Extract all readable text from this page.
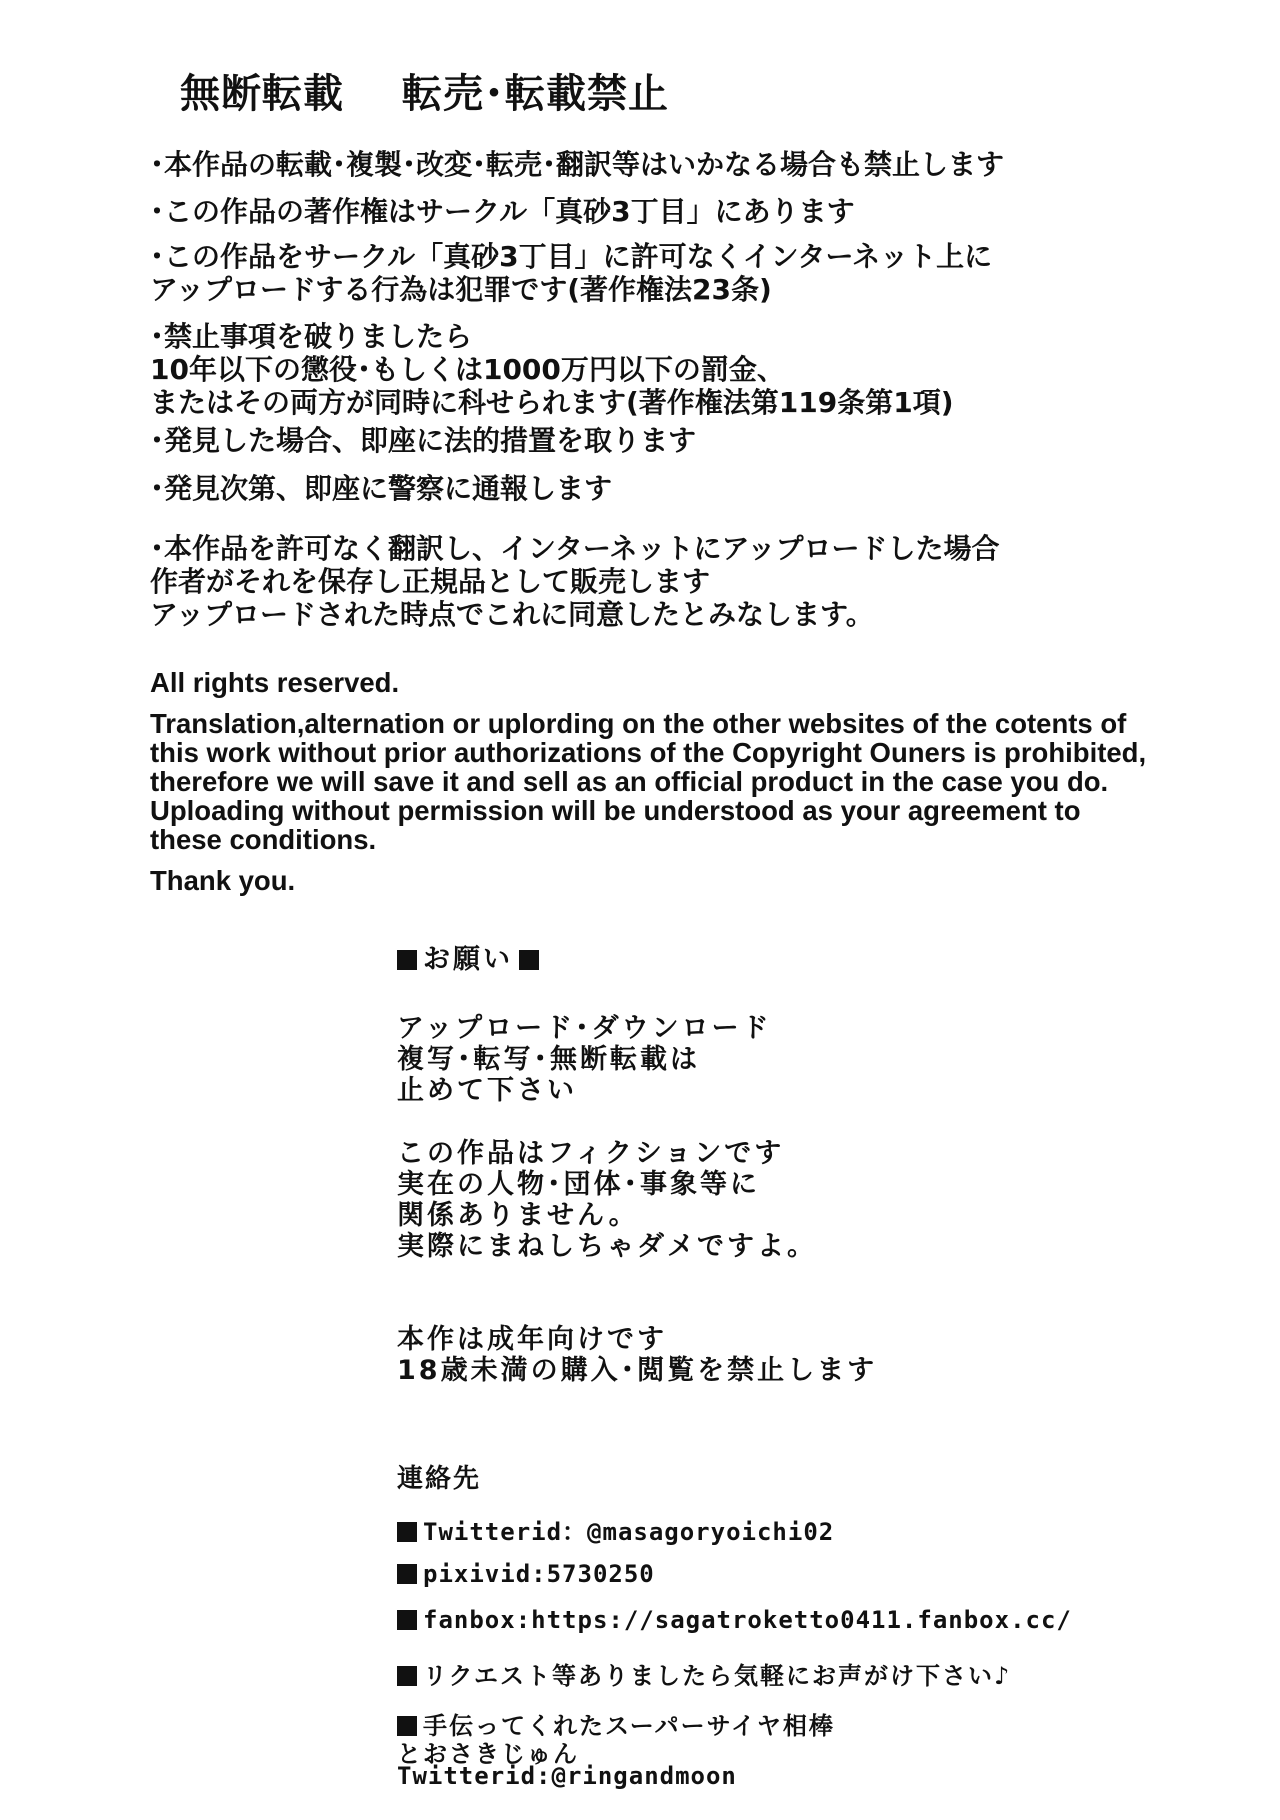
無断転載 転売･転載禁止
･本作品の転載･複製･改変･転売･翻訳等はいかなる場合も禁止します
･この作品の著作権はサークル「真砂3丁目」にあります
･この作品をサークル「真砂3丁目」に許可なくインターネット上に
アップロードする行為は犯罪です(著作権法23条)
･禁止事項を破りましたら
10年以下の懲役･もしくは1000万円以下の罰金、
またはその両方が同時に科せられます(著作権法第119条第1項)
･発見した場合、即座に法的措置を取ります
･発見次第、即座に警察に通報します
･本作品を許可なく翻訳し、インターネットにアップロードした場合
作者がそれを保存し正規品として販売します
アップロードされた時点でこれに同意したとみなします。
All rights reserved.
Translation,alternation or uplording on the other websites of the cotents of
this work without prior authorizations of the Copyright Ouners is prohibited,
therefore we will save it and sell as an official product in the case you do.
Uploading without permission will be understood as your agreement to
these conditions.
Thank you.
お願い
アップロード･ダウンロード
複写･転写･無断転載は
止めて下さい
この作品はフィクションです
実在の人物･団体･事象等に
関係ありません。
実際にまねしちゃダメですよ。
本作は成年向けです
18歳未満の購入･閲覧を禁止します
連絡先
Twitterid：@masagoryoichi02
pixivid:5730250
fanbox:https://sagatroketto0411.fanbox.cc/
リクエスト等ありましたら気軽にお声がけ下さい♪
手伝ってくれたスーパーサイヤ相棒
とおさきじゅん
Twitterid:@ringandmoon
